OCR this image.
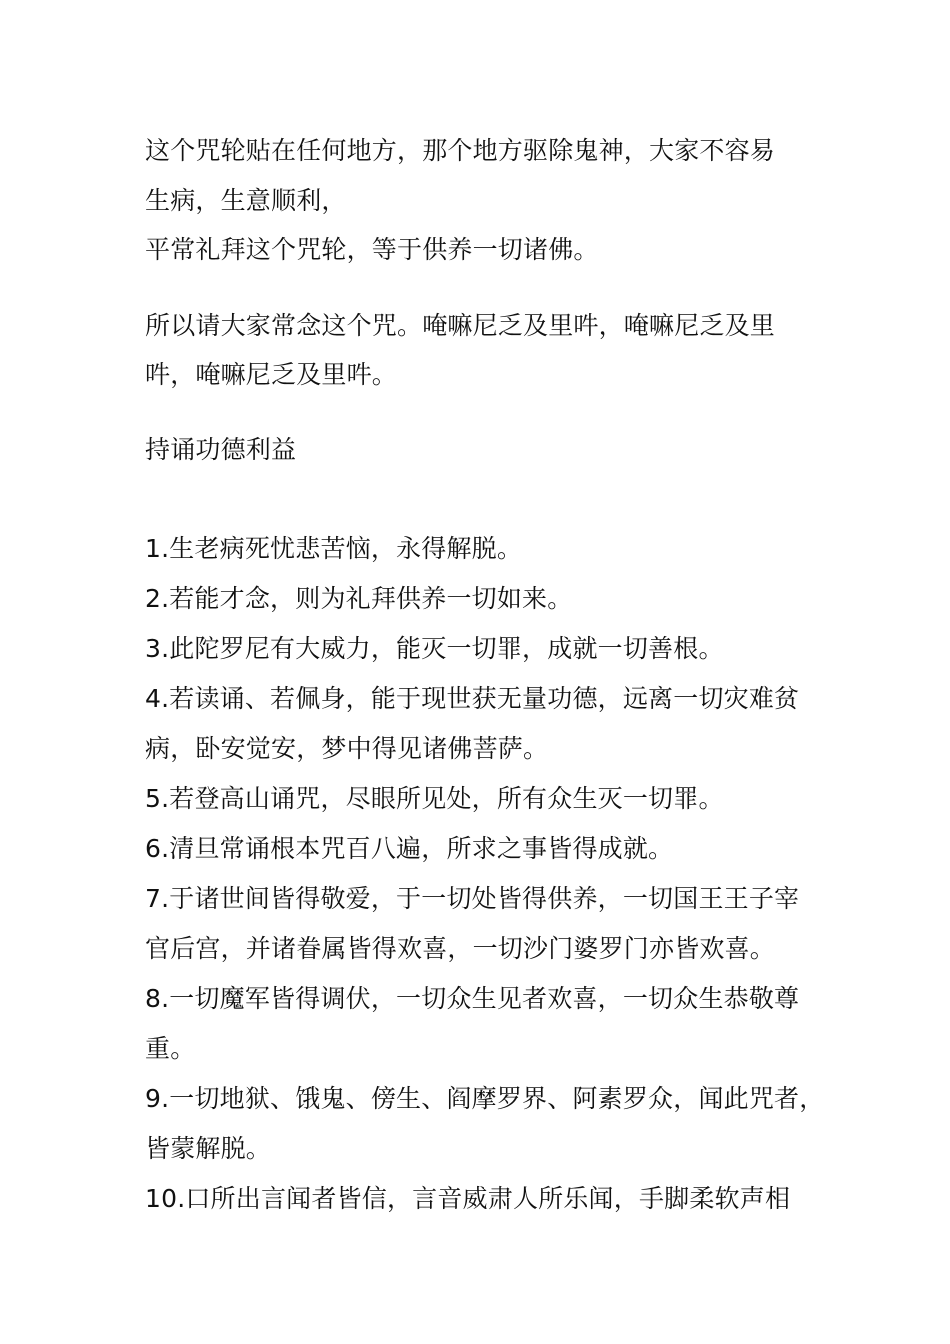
这个咒轮贴在任何地方，那个地方驱除鬼神，大家不容易

生病，生意顺利，

平常礼拜这个咒轮，等于供养一切诸佛。

所以请大家常念这个咒。唵嘛尼乏及里吽，唵嘛尼乏及里

吽，唵嘛尼乏及里吽。

持诵功德利益

1.生老病死忧悲苦恼，永得解脱。

2.若能才念，则为礼拜供养一切如来。

3.此陀罗尼有大威力，能灭一切罪，成就一切善根。

4.若读诵、若佩身，能于现世获无量功德，远离一切灾难贫

病，卧安觉安，梦中得见诸佛菩萨。

5.若登高山诵咒，尽眼所见处，所有众生灭一切罪。

6.清旦常诵根本咒百八遍，所求之事皆得成就。

7.于诸世间皆得敬爱，于一切处皆得供养，一切国王王子宰

官后宫，并诸眷属皆得欢喜，一切沙门婆罗门亦皆欢喜。

8.一切魔军皆得调伏，一切众生见者欢喜，一切众生恭敬尊

重。

9.一切地狱、饿鬼、傍生、阎摩罗界、阿素罗众，闻此咒者，

皆蒙解脱。

10.口所出言闻者皆信，言音威肃人所乐闻，手脚柔软声相
